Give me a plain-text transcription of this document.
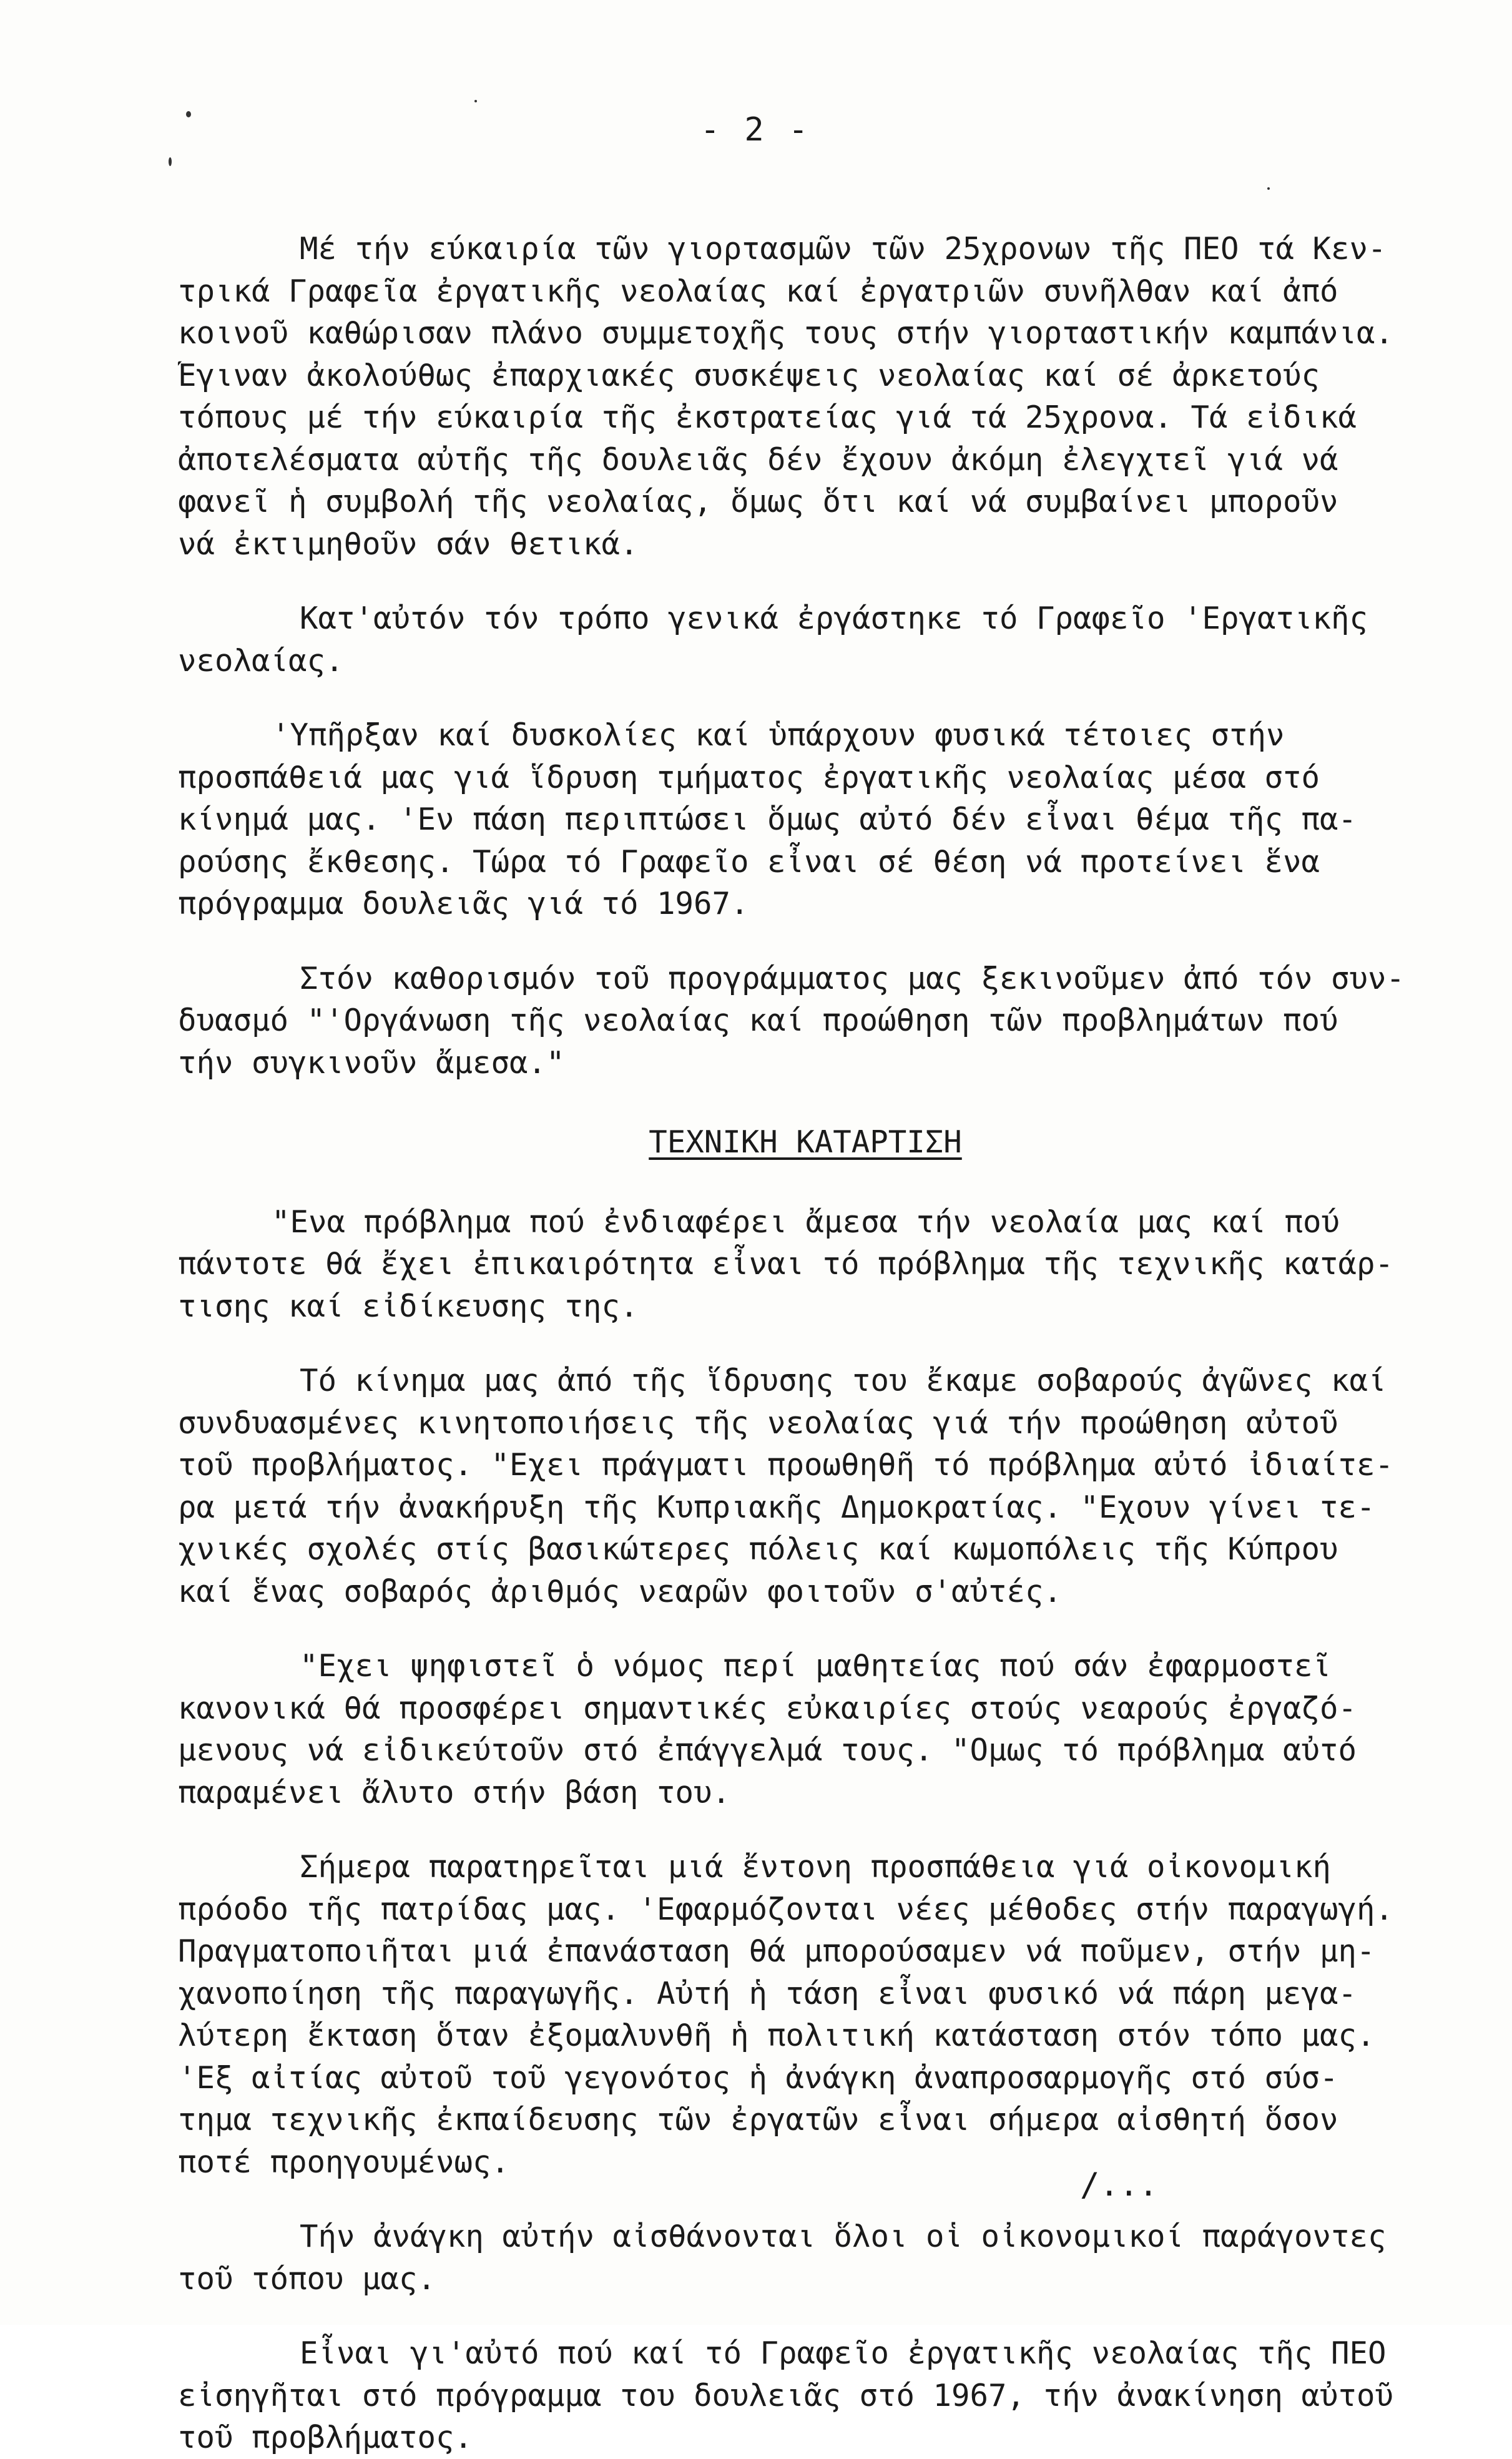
- 2 -

Μέ τήν εύκαιρία τῶν γιορτασμῶν τῶν 25χρονων τῆς ΠΕΟ τά Κεν-
τρικά Γραφεῖα ἐργατικῆς νεολαίας καί ἐργατριῶν συνῆλθαν καί ἀπό
κοινοῦ καθώρισαν πλάνο συμμετοχῆς τους στήν γιορταστικήν καμπάνια.
Ἔγιναν ἀκολούθως ἐπαρχιακές συσκέψεις νεολαίας καί σέ ἀρκετούς
τόπους μέ τήν εύκαιρία τῆς ἐκστρατείας γιά τά 25χρονα. Τά εἰδικά
ἀποτελέσματα αὐτῆς τῆς δουλειᾶς δέν ἔχουν ἀκόμη ἐλεγχτεῖ γιά νά
φανεῖ ἡ συμβολή τῆς νεολαίας, ὅμως ὅτι καί νά συμβαίνει μποροῦν
νά ἐκτιμηθοῦν σάν θετικά.

Κατ'αὐτόν τόν τρόπο γενικά ἐργάστηκε τό Γραφεῖο 'Εργατικῆς
νεολαίας.

'Υπῆρξαν καί δυσκολίες καί ὑπάρχουν φυσικά τέτοιες στήν
προσπάθειά μας γιά ἵδρυση τμήματος ἐργατικῆς νεολαίας μέσα στό
κίνημά μας. 'Εν πάση περιπτώσει ὅμως αὐτό δέν εἶναι θέμα τῆς πα-
ρούσης ἔκθεσης. Τώρα τό Γραφεῖο εἶναι σέ θέση νά προτείνει ἕνα
πρόγραμμα δουλειᾶς γιά τό 1967.

Στόν καθορισμόν τοῦ προγράμματος μας ξεκινοῦμεν ἀπό τόν συν-
δυασμό "'Οργάνωση τῆς νεολαίας καί προώθηση τῶν προβλημάτων πού
τήν συγκινοῦν ἄμεσα."

ΤΕΧΝΙΚΗ ΚΑΤΑΡΤΙΣΗ

"Ενα πρόβλημα πού ἐνδιαφέρει ἄμεσα τήν νεολαία μας καί πού
πάντοτε θά ἔχει ἐπικαιρότητα εἶναι τό πρόβλημα τῆς τεχνικῆς κατάρ-
τισης καί εἰδίκευσης της.

Τό κίνημα μας ἀπό τῆς ἵδρυσης του ἔκαμε σοβαρούς ἀγῶνες καί
συνδυασμένες κινητοποιήσεις τῆς νεολαίας γιά τήν προώθηση αὐτοῦ
τοῦ προβλήματος. "Εχει πράγματι προωθηθῆ τό πρόβλημα αὐτό ἰδιαίτε-
ρα μετά τήν ἀνακήρυξη τῆς Κυπριακῆς Δημοκρατίας. "Εχουν γίνει τε-
χνικές σχολές στίς βασικώτερες πόλεις καί κωμοπόλεις τῆς Κύπρου
καί ἕνας σοβαρός ἀριθμός νεαρῶν φοιτοῦν σ'αὐτές.

"Εχει ψηφιστεῖ ὁ νόμος περί μαθητείας πού σάν ἐφαρμοστεῖ
κανονικά θά προσφέρει σημαντικές εὐκαιρίες στούς νεαρούς ἐργαζό-
μενους νά εἰδικεύτοῦν στό ἐπάγγελμά τους. "Ομως τό πρόβλημα αὐτό
παραμένει ἄλυτο στήν βάση του.

Σήμερα παρατηρεῖται μιά ἔντονη προσπάθεια γιά οἰκονομική
πρόοδο τῆς πατρίδας μας. 'Εφαρμόζονται νέες μέθοδες στήν παραγωγή.
Πραγματοποιῆται μιά ἐπανάσταση θά μπορούσαμεν νά ποῦμεν, στήν μη-
χανοποίηση τῆς παραγωγῆς. Αὐτή ἡ τάση εἶναι φυσικό νά πάρη μεγα-
λύτερη ἔκταση ὅταν ἐξομαλυνθῆ ἡ πολιτική κατάσταση στόν τόπο μας.
'Εξ αἰτίας αὐτοῦ τοῦ γεγονότος ἡ ἀνάγκη ἀναπροσαρμογῆς στό σύσ-
τημα τεχνικῆς ἐκπαίδευσης τῶν ἐργατῶν εἶναι σήμερα αἰσθητή ὅσον
ποτέ προηγουμένως.

Τήν ἀνάγκη αὐτήν αἰσθάνονται ὅλοι οἱ οἰκονομικοί παράγοντες
τοῦ τόπου μας.

Εἶναι γι'αὐτό πού καί τό Γραφεῖο ἐργατικῆς νεολαίας τῆς ΠΕΟ
εἰσηγῆται στό πρόγραμμα του δουλειᾶς στό 1967, τήν ἀνακίνηση αὐτοῦ
τοῦ προβλήματος.

/...
